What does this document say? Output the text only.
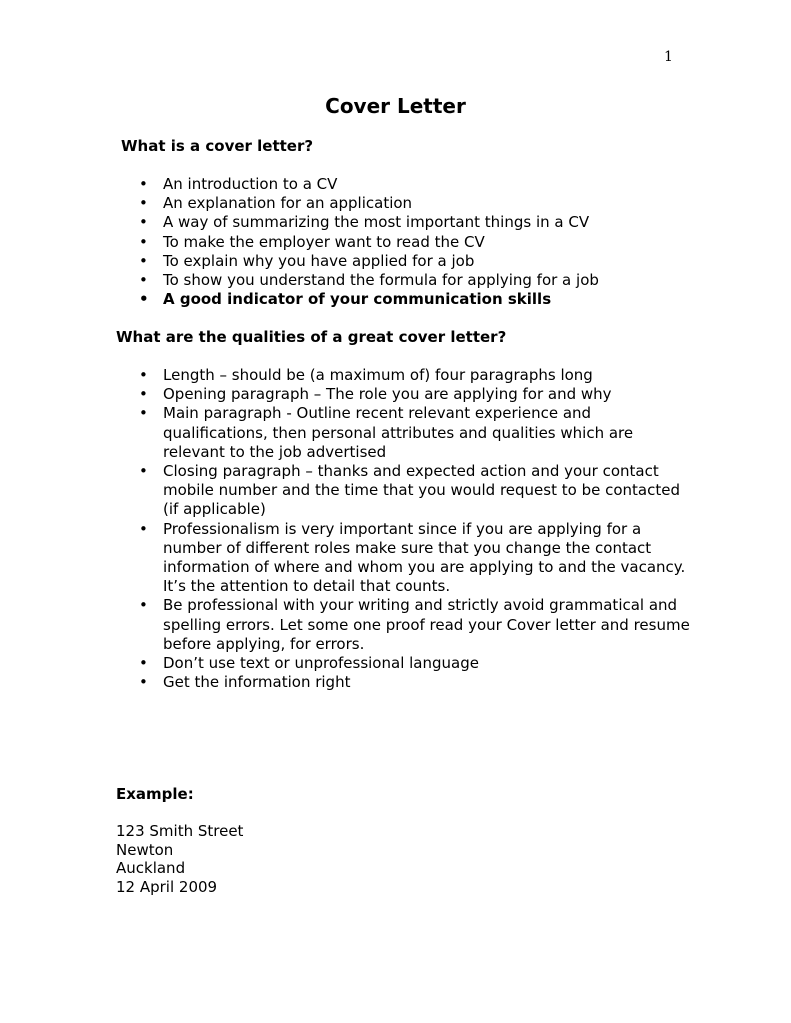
1
Cover Letter
What is a cover letter?
• An introduction to a CV
• An explanation for an application
• A way of summarizing the most important things in a CV
• To make the employer want to read the CV
• To explain why you have applied for a job
• To show you understand the formula for applying for a job
• A good indicator of your communication skills
What are the qualities of a great cover letter?
• Length – should be (a maximum of) four paragraphs long
• Opening paragraph – The role you are applying for and why
• Main paragraph - Outline recent relevant experience and qualifications, then personal attributes and qualities which are relevant to the job advertised
• Closing paragraph – thanks and expected action and your contact mobile number and the time that you would request to be contacted (if applicable)
• Professionalism is very important since if you are applying for a number of different roles make sure that you change the contact information of where and whom you are applying to and the vacancy. It’s the attention to detail that counts.
• Be professional with your writing and strictly avoid grammatical and spelling errors. Let some one proof read your Cover letter and resume before applying, for errors.
• Don’t use text or unprofessional language
• Get the information right
Example:
123 Smith Street
Newton
Auckland
12 April 2009
